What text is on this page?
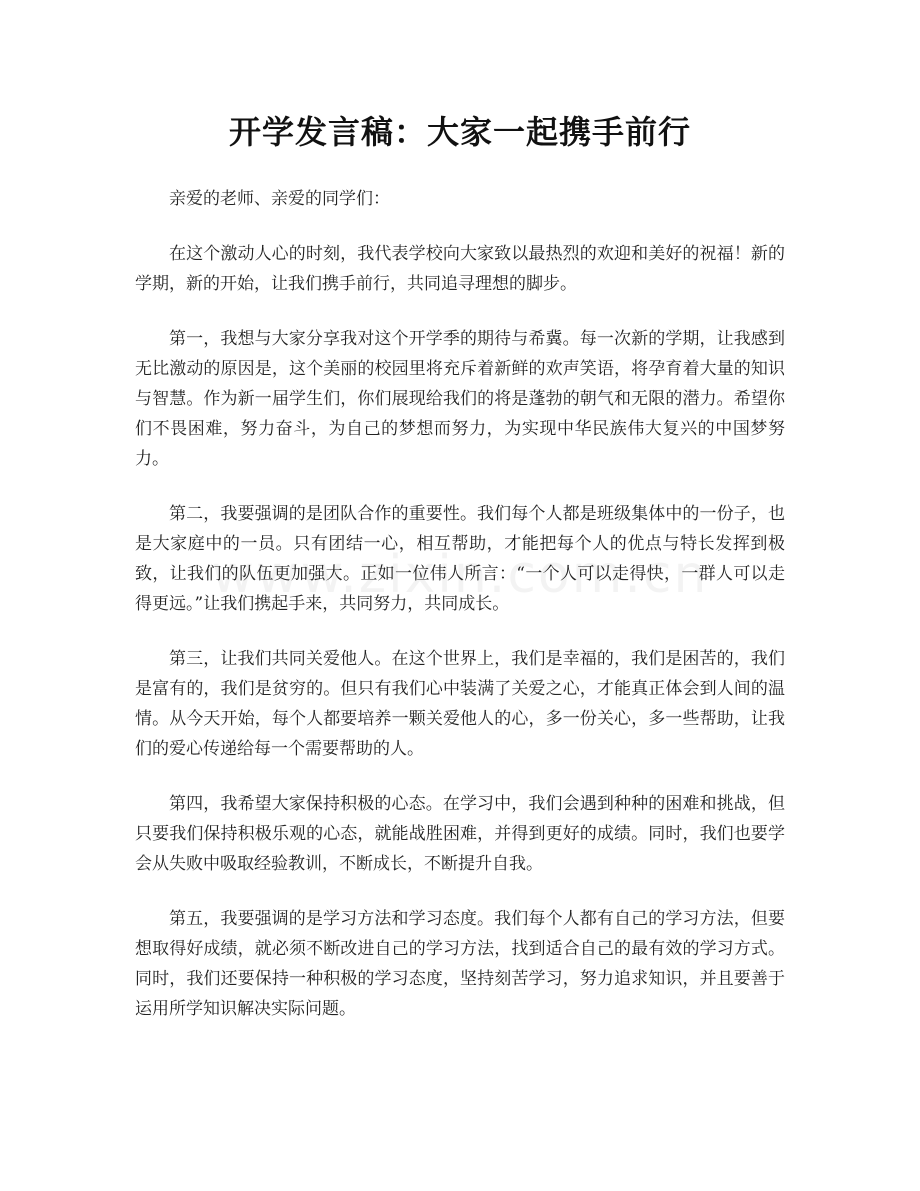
开学发言稿：大家一起携手前行

亲爱的老师、亲爱的同学们：

在这个激动人心的时刻，我代表学校向大家致以最热烈的欢迎和美好的祝福！新的学期，新的开始，让我们携手前行，共同追寻理想的脚步。

第一，我想与大家分享我对这个开学季的期待与希冀。每一次新的学期，让我感到无比激动的原因是，这个美丽的校园里将充斥着新鲜的欢声笑语，将孕育着大量的知识与智慧。作为新一届学生们，你们展现给我们的将是蓬勃的朝气和无限的潜力。希望你们不畏困难，努力奋斗，为自己的梦想而努力，为实现中华民族伟大复兴的中国梦努力。

第二，我要强调的是团队合作的重要性。我们每个人都是班级集体中的一份子，也是大家庭中的一员。只有团结一心，相互帮助，才能把每个人的优点与特长发挥到极致，让我们的队伍更加强大。正如一位伟人所言：“一个人可以走得快，一群人可以走得更远。”让我们携起手来，共同努力，共同成长。

第三，让我们共同关爱他人。在这个世界上，我们是幸福的，我们是困苦的，我们是富有的，我们是贫穷的。但只有我们心中装满了关爱之心，才能真正体会到人间的温情。从今天开始，每个人都要培养一颗关爱他人的心，多一份关心，多一些帮助，让我们的爱心传递给每一个需要帮助的人。

第四，我希望大家保持积极的心态。在学习中，我们会遇到种种的困难和挑战，但只要我们保持积极乐观的心态，就能战胜困难，并得到更好的成绩。同时，我们也要学会从失败中吸取经验教训，不断成长，不断提升自我。

第五，我要强调的是学习方法和学习态度。我们每个人都有自己的学习方法，但要想取得好成绩，就必须不断改进自己的学习方法，找到适合自己的最有效的学习方式。同时，我们还要保持一种积极的学习态度，坚持刻苦学习，努力追求知识，并且要善于运用所学知识解决实际问题。
